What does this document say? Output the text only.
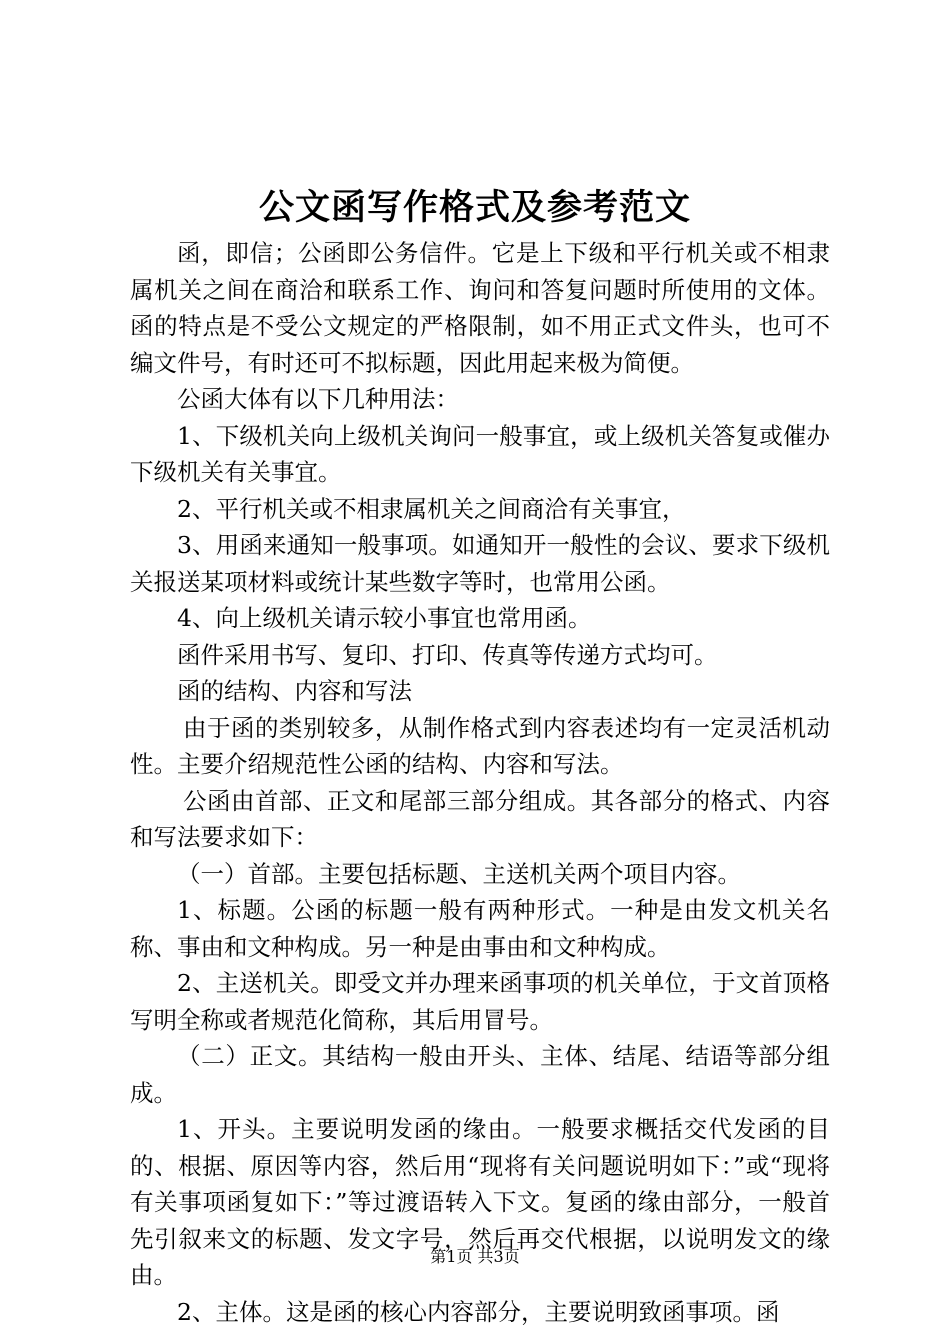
公文函写作格式及参考范文

函，即信；公函即公务信件。它是上下级和平行机关或不相隶属机关之间在商洽和联系工作、询问和答复问题时所使用的文体。函的特点是不受公文规定的严格限制，如不用正式文件头，也可不编文件号，有时还可不拟标题，因此用起来极为简便。

公函大体有以下几种用法：

1、下级机关向上级机关询问一般事宜，或上级机关答复或催办下级机关有关事宜。

2、平行机关或不相隶属机关之间商洽有关事宜，

3、用函来通知一般事项。如通知开一般性的会议、要求下级机关报送某项材料或统计某些数字等时，也常用公函。

4、向上级机关请示较小事宜也常用函。

函件采用书写、复印、打印、传真等传递方式均可。

函的结构、内容和写法

由于函的类别较多，从制作格式到内容表述均有一定灵活机动性。主要介绍规范性公函的结构、内容和写法。

公函由首部、正文和尾部三部分组成。其各部分的格式、内容和写法要求如下：

（一）首部。主要包括标题、主送机关两个项目内容。

1、标题。公函的标题一般有两种形式。一种是由发文机关名称、事由和文种构成。另一种是由事由和文种构成。

2、主送机关。即受文并办理来函事项的机关单位，于文首顶格写明全称或者规范化简称，其后用冒号。

（二）正文。其结构一般由开头、主体、结尾、结语等部分组成。

1、开头。主要说明发函的缘由。一般要求概括交代发函的目的、根据、原因等内容，然后用“现将有关问题说明如下：”或“现将有关事项函复如下：”等过渡语转入下文。复函的缘由部分，一般首先引叙来文的标题、发文字号，然后再交代根据，以说明发文的缘由。

2、主体。这是函的核心内容部分，主要说明致函事项。函

第1页 共3页
